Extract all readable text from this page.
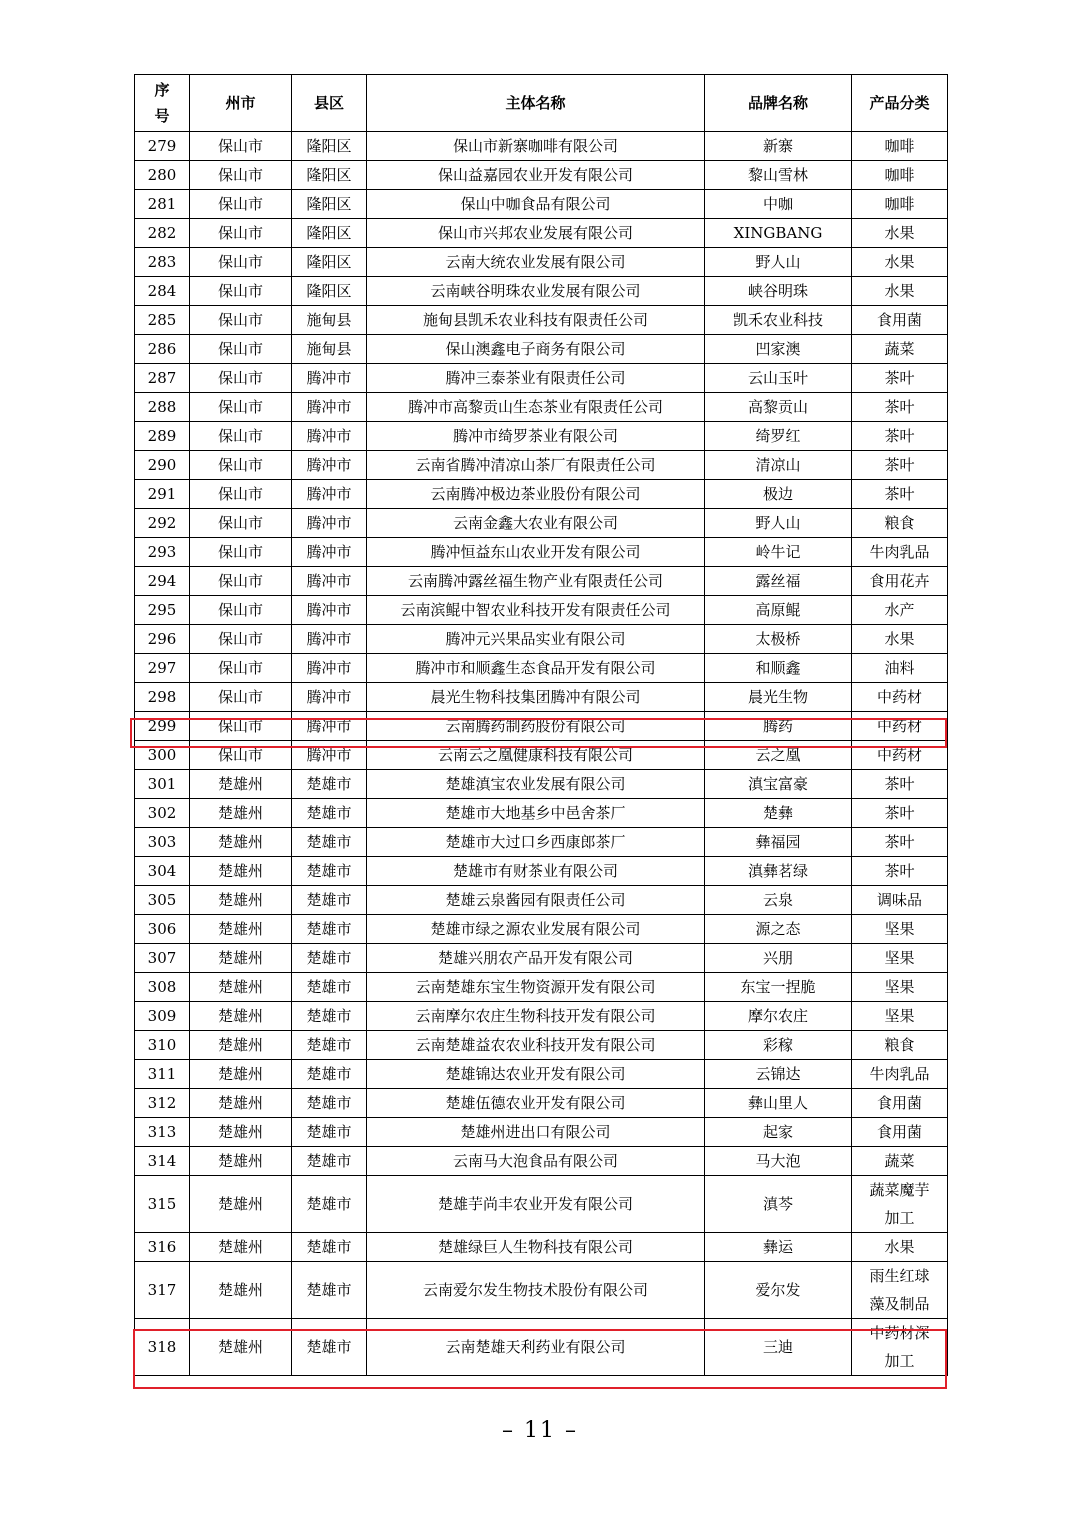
序
号	州市	县区	主体名称	品牌名称	产品分类
279	保山市	隆阳区	保山市新寨咖啡有限公司	新寨	咖啡
280	保山市	隆阳区	保山益嘉园农业开发有限公司	黎山雪林	咖啡
281	保山市	隆阳区	保山中咖食品有限公司	中咖	咖啡
282	保山市	隆阳区	保山市兴邦农业发展有限公司	XINGBANG	水果
283	保山市	隆阳区	云南大统农业发展有限公司	野人山	水果
284	保山市	隆阳区	云南峡谷明珠农业发展有限公司	峡谷明珠	水果
285	保山市	施甸县	施甸县凯禾农业科技有限责任公司	凯禾农业科技	食用菌
286	保山市	施甸县	保山澳鑫电子商务有限公司	凹家澳	蔬菜
287	保山市	腾冲市	腾冲三泰茶业有限责任公司	云山玉叶	茶叶
288	保山市	腾冲市	腾冲市高黎贡山生态茶业有限责任公司	高黎贡山	茶叶
289	保山市	腾冲市	腾冲市绮罗茶业有限公司	绮罗红	茶叶
290	保山市	腾冲市	云南省腾冲清凉山茶厂有限责任公司	清凉山	茶叶
291	保山市	腾冲市	云南腾冲极边茶业股份有限公司	极边	茶叶
292	保山市	腾冲市	云南金鑫大农业有限公司	野人山	粮食
293	保山市	腾冲市	腾冲恒益东山农业开发有限公司	岭牛记	牛肉乳品
294	保山市	腾冲市	云南腾冲露丝福生物产业有限责任公司	露丝福	食用花卉
295	保山市	腾冲市	云南滨鲲中智农业科技开发有限责任公司	高原鲲	水产
296	保山市	腾冲市	腾冲元兴果品实业有限公司	太极桥	水果
297	保山市	腾冲市	腾冲市和顺鑫生态食品开发有限公司	和顺鑫	油料
298	保山市	腾冲市	晨光生物科技集团腾冲有限公司	晨光生物	中药材
299	保山市	腾冲市	云南腾药制药股份有限公司	腾药	中药材
300	保山市	腾冲市	云南云之凰健康科技有限公司	云之凰	中药材
301	楚雄州	楚雄市	楚雄滇宝农业发展有限公司	滇宝富豪	茶叶
302	楚雄州	楚雄市	楚雄市大地基乡中邑舍茶厂	楚彝	茶叶
303	楚雄州	楚雄市	楚雄市大过口乡西康郎茶厂	彝福园	茶叶
304	楚雄州	楚雄市	楚雄市有财茶业有限公司	滇彝茗绿	茶叶
305	楚雄州	楚雄市	楚雄云泉酱园有限责任公司	云泉	调味品
306	楚雄州	楚雄市	楚雄市绿之源农业发展有限公司	源之态	坚果
307	楚雄州	楚雄市	楚雄兴朋农产品开发有限公司	兴朋	坚果
308	楚雄州	楚雄市	云南楚雄东宝生物资源开发有限公司	东宝一捏脆	坚果
309	楚雄州	楚雄市	云南摩尔农庄生物科技开发有限公司	摩尔农庄	坚果
310	楚雄州	楚雄市	云南楚雄益农农业科技开发有限公司	彩稼	粮食
311	楚雄州	楚雄市	楚雄锦达农业开发有限公司	云锦达	牛肉乳品
312	楚雄州	楚雄市	楚雄伍德农业开发有限公司	彝山里人	食用菌
313	楚雄州	楚雄市	楚雄州进出口有限公司	起家	食用菌
314	楚雄州	楚雄市	云南马大泡食品有限公司	马大泡	蔬菜
315	楚雄州	楚雄市	楚雄芋尚丰农业开发有限公司	滇芩	蔬菜魔芋
加工
316	楚雄州	楚雄市	楚雄绿巨人生物科技有限公司	彝运	水果
317	楚雄州	楚雄市	云南爱尔发生物技术股份有限公司	爱尔发	雨生红球
藻及制品
318	楚雄州	楚雄市	云南楚雄天利药业有限公司	三迪	中药材深
加工
– 11 –
